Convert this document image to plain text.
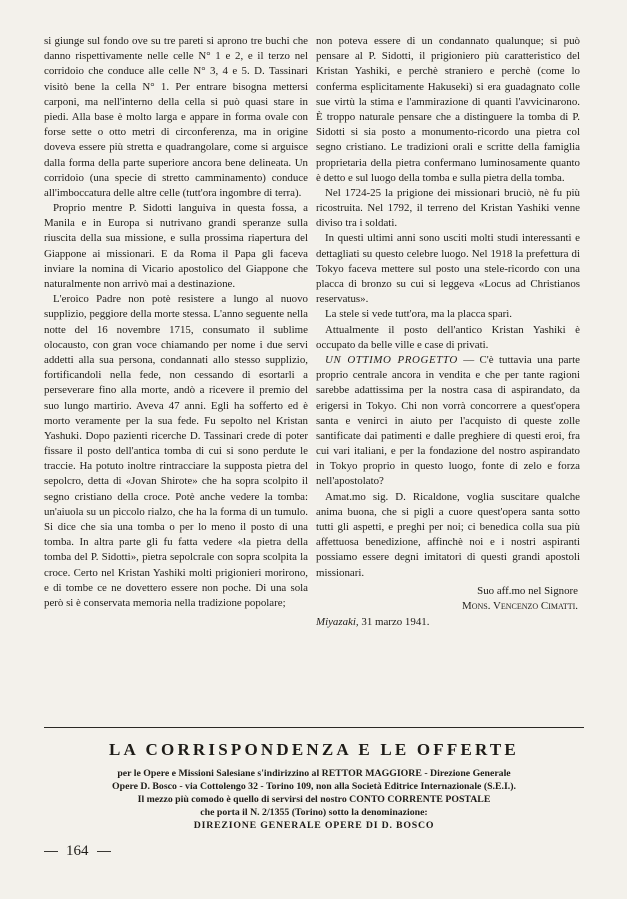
si giunge sul fondo ove su tre pareti si aprono tre buchi che danno rispettivamente nelle celle N° 1 e 2, e il terzo nel corridoio che conduce alle celle N° 3, 4 e 5. D. Tassinari visitò bene la cella N° 1. Per entrare bisogna mettersi carponi, ma nell'interno della cella si può quasi stare in piedi. Alla base è molto larga e appare in forma ovale con forse sette o otto metri di circonferenza, ma in origine doveva essere più stretta e quadrangolare, come si arguisce dalla forma della parte superiore ancora bene delineata. Un corridoio (una specie di stretto camminamento) conduce all'imboccatura delle altre celle (tutt'ora ingombre di terra).

Proprio mentre P. Sidotti languiva in questa fossa, a Manila e in Europa si nutrivano grandi speranze sulla riuscita della sua missione, e sulla prossima riapertura del Giappone ai missionari. E da Roma il Papa gli faceva inviare la nomina di Vicario apostolico del Giappone che naturalmente non arrivò mai a destinazione.

L'eroico Padre non potè resistere a lungo al nuovo supplizio, peggiore della morte stessa. L'anno seguente nella notte del 16 novembre 1715, consumato il sublime olocausto, con gran voce chiamando per nome i due servi addetti alla sua persona, condannati allo stesso supplizio, fortificandoli nella fede, non cessando di esortarli a perseverare fino alla morte, andò a ricevere il premio del suo lungo martirio. Aveva 47 anni. Egli ha sofferto ed è morto veramente per la sua fede. Fu sepolto nel Kristan Yashuki. Dopo pazienti ricerche D. Tassinari crede di poter fissare il posto dell'antica tomba di cui si sono perdute le traccie. Ha potuto inoltre rintracciare la supposta pietra del sepolcro, detta di «Jovan Shirote» che ha sopra scolpito il segno cristiano della croce. Potè anche vedere la tomba: un'aiuola su un piccolo rialzo, che ha la forma di un tumulo. Si dice che sia una tomba o per lo meno il posto di una tomba. In altra parte gli fu fatta vedere «la pietra della tomba del P. Sidotti», pietra sepolcrale con sopra scolpita la croce. Certo nel Kristan Yashiki molti prigionieri morirono, e di tombe ce ne dovettero essere non poche. Di una sola però si è conservata memoria nella tradizione popolare;

non poteva essere di un condannato qualunque; si può pensare al P. Sidotti, il prigioniero più caratteristico del Kristan Yashiki, e perchè straniero e perchè (come lo conferma esplicitamente Hakuseki) si era guadagnato colle sue virtù la stima e l'ammirazione di quanti l'avvicinarono. È troppo naturale pensare che a distinguere la tomba di P. Sidotti si sia posto a monumento-ricordo una pietra col segno cristiano. Le tradizioni orali e scritte della famiglia proprietaria della pietra confermano luminosamente quanto è detto e sul luogo della tomba e sulla pietra della tomba.

Nel 1724-25 la prigione dei missionari bruciò, nè fu più ricostruita. Nel 1792, il terreno del Kristan Yashiki venne diviso tra i soldati.

In questi ultimi anni sono usciti molti studi interessanti e dettagliati su questo celebre luogo. Nel 1918 la prefettura di Tokyo faceva mettere sul posto una stele-ricordo con una placca di bronzo su cui si leggeva «Locus ad Christianos reservatus».

La stele si vede tutt'ora, ma la placca sparì.

Attualmente il posto dell'antico Kristan Yashiki è occupato da belle ville e case di privati.

UN OTTIMO PROGETTO — C'è tuttavia una parte proprio centrale ancora in vendita e che per tante ragioni sarebbe adattissima per la nostra casa di aspirandato, da erigersi in Tokyo. Chi non vorrà concorrere a quest'opera santa e venirci in aiuto per l'acquisto di queste zolle santificate dai patimenti e dalle preghiere di questi eroi, fra cui vari italiani, e per la fondazione del nostro aspirandato in Tokyo proprio in questo luogo, fonte di zelo e forza nell'apostolato?

Amat.mo sig. D. Ricaldone, voglia suscitare qualche anima buona, che si pigli a cuore quest'opera santa sotto tutti gli aspetti, e preghi per noi; ci benedica colla sua più affettuosa benedizione, affinchè noi e i nostri aspiranti possiamo essere degni imitatori di questi grandi apostoli missionari.

Suo aff.mo nel Signore
Mons. Vencenzo Cimatti.
Miyazaki, 31 marzo 1941.
LA CORRISPONDENZA E LE OFFERTE
per le Opere e Missioni Salesiane s'indirizzino al RETTOR MAGGIORE - Direzione Generale
Opere D. Bosco - via Cottolengo 32 - Torino 109, non alla Società Editrice Internazionale (S.E.I.).
Il mezzo più comodo è quello di servirsi del nostro CONTO CORRENTE POSTALE
che porta il N. 2/1355 (Torino) sotto la denominazione:
DIREZIONE GENERALE OPERE DI D. BOSCO
164
